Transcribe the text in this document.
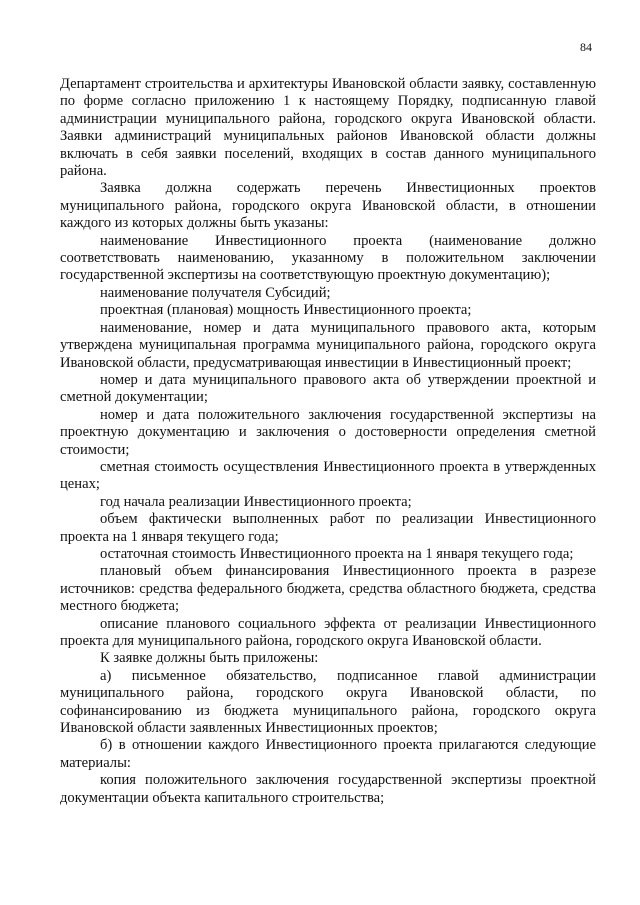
84

Департамент строительства и архитектуры Ивановской области заявку, составленную по форме согласно приложению 1 к настоящему Порядку, подписанную главой администрации муниципального района, городского округа Ивановской области. Заявки администраций муниципальных районов Ивановской области должны включать в себя заявки поселений, входящих в состав данного муниципального района.

Заявка должна содержать перечень Инвестиционных проектов муниципального района, городского округа Ивановской области, в отношении каждого из которых должны быть указаны:

наименование Инвестиционного проекта (наименование должно соответствовать наименованию, указанному в положительном заключении государственной экспертизы на соответствующую проектную документацию);

наименование получателя Субсидий;

проектная (плановая) мощность Инвестиционного проекта;

наименование, номер и дата муниципального правового акта, которым утверждена муниципальная программа муниципального района, городского округа Ивановской области, предусматривающая инвестиции в Инвестиционный проект;

номер и дата муниципального правового акта об утверждении проектной и сметной документации;

номер и дата положительного заключения государственной экспертизы на проектную документацию и заключения о достоверности определения сметной стоимости;

сметная стоимость осуществления Инвестиционного проекта в утвержденных ценах;

год начала реализации Инвестиционного проекта;

объем фактически выполненных работ по реализации Инвестиционного проекта на 1 января текущего года;

остаточная стоимость Инвестиционного проекта на 1 января текущего года;

плановый объем финансирования Инвестиционного проекта в разрезе источников: средства федерального бюджета, средства областного бюджета, средства местного бюджета;

описание планового социального эффекта от реализации Инвестиционного проекта для муниципального района, городского округа Ивановской области.

К заявке должны быть приложены:

а) письменное обязательство, подписанное главой администрации муниципального района, городского округа Ивановской области, по софинансированию из бюджета муниципального района, городского округа Ивановской области заявленных Инвестиционных проектов;

б) в отношении каждого Инвестиционного проекта прилагаются следующие материалы:

копия положительного заключения государственной экспертизы проектной документации объекта капитального строительства;
